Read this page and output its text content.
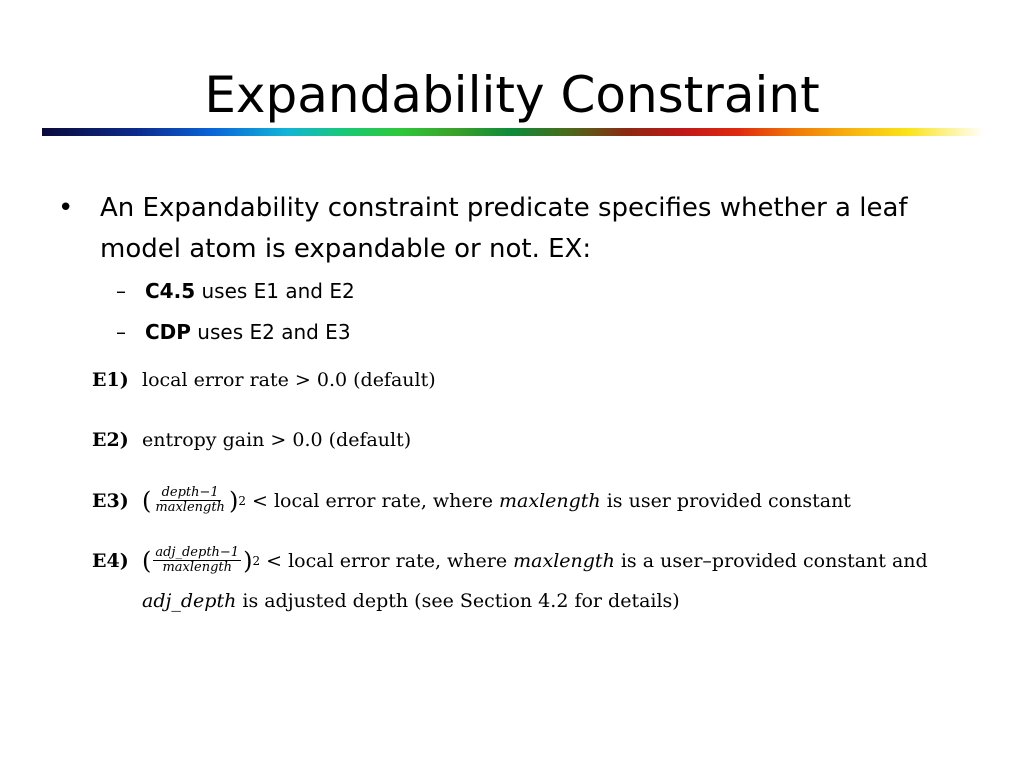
Expandability Constraint
•	An Expandability constraint predicate specifies whether a leaf model atom is expandable or not. EX:
– C4.5 uses E1 and E2
– CDP uses E2 and E3
E1) local error rate > 0.0 (default)
E2) entropy gain > 0.0 (default)
E3) ( $\frac{\text{depth−1}}{\text{maxlength}}$ ) 2 < local error rate, where maxlength is user provided constant
E4) ( $\frac{\text{adj\_depth−1}}{\text{maxlength}}$ ) 2 < local error rate, where maxlength is a user–provided constant and
adj_depth is adjusted depth (see Section 4.2 for details)
